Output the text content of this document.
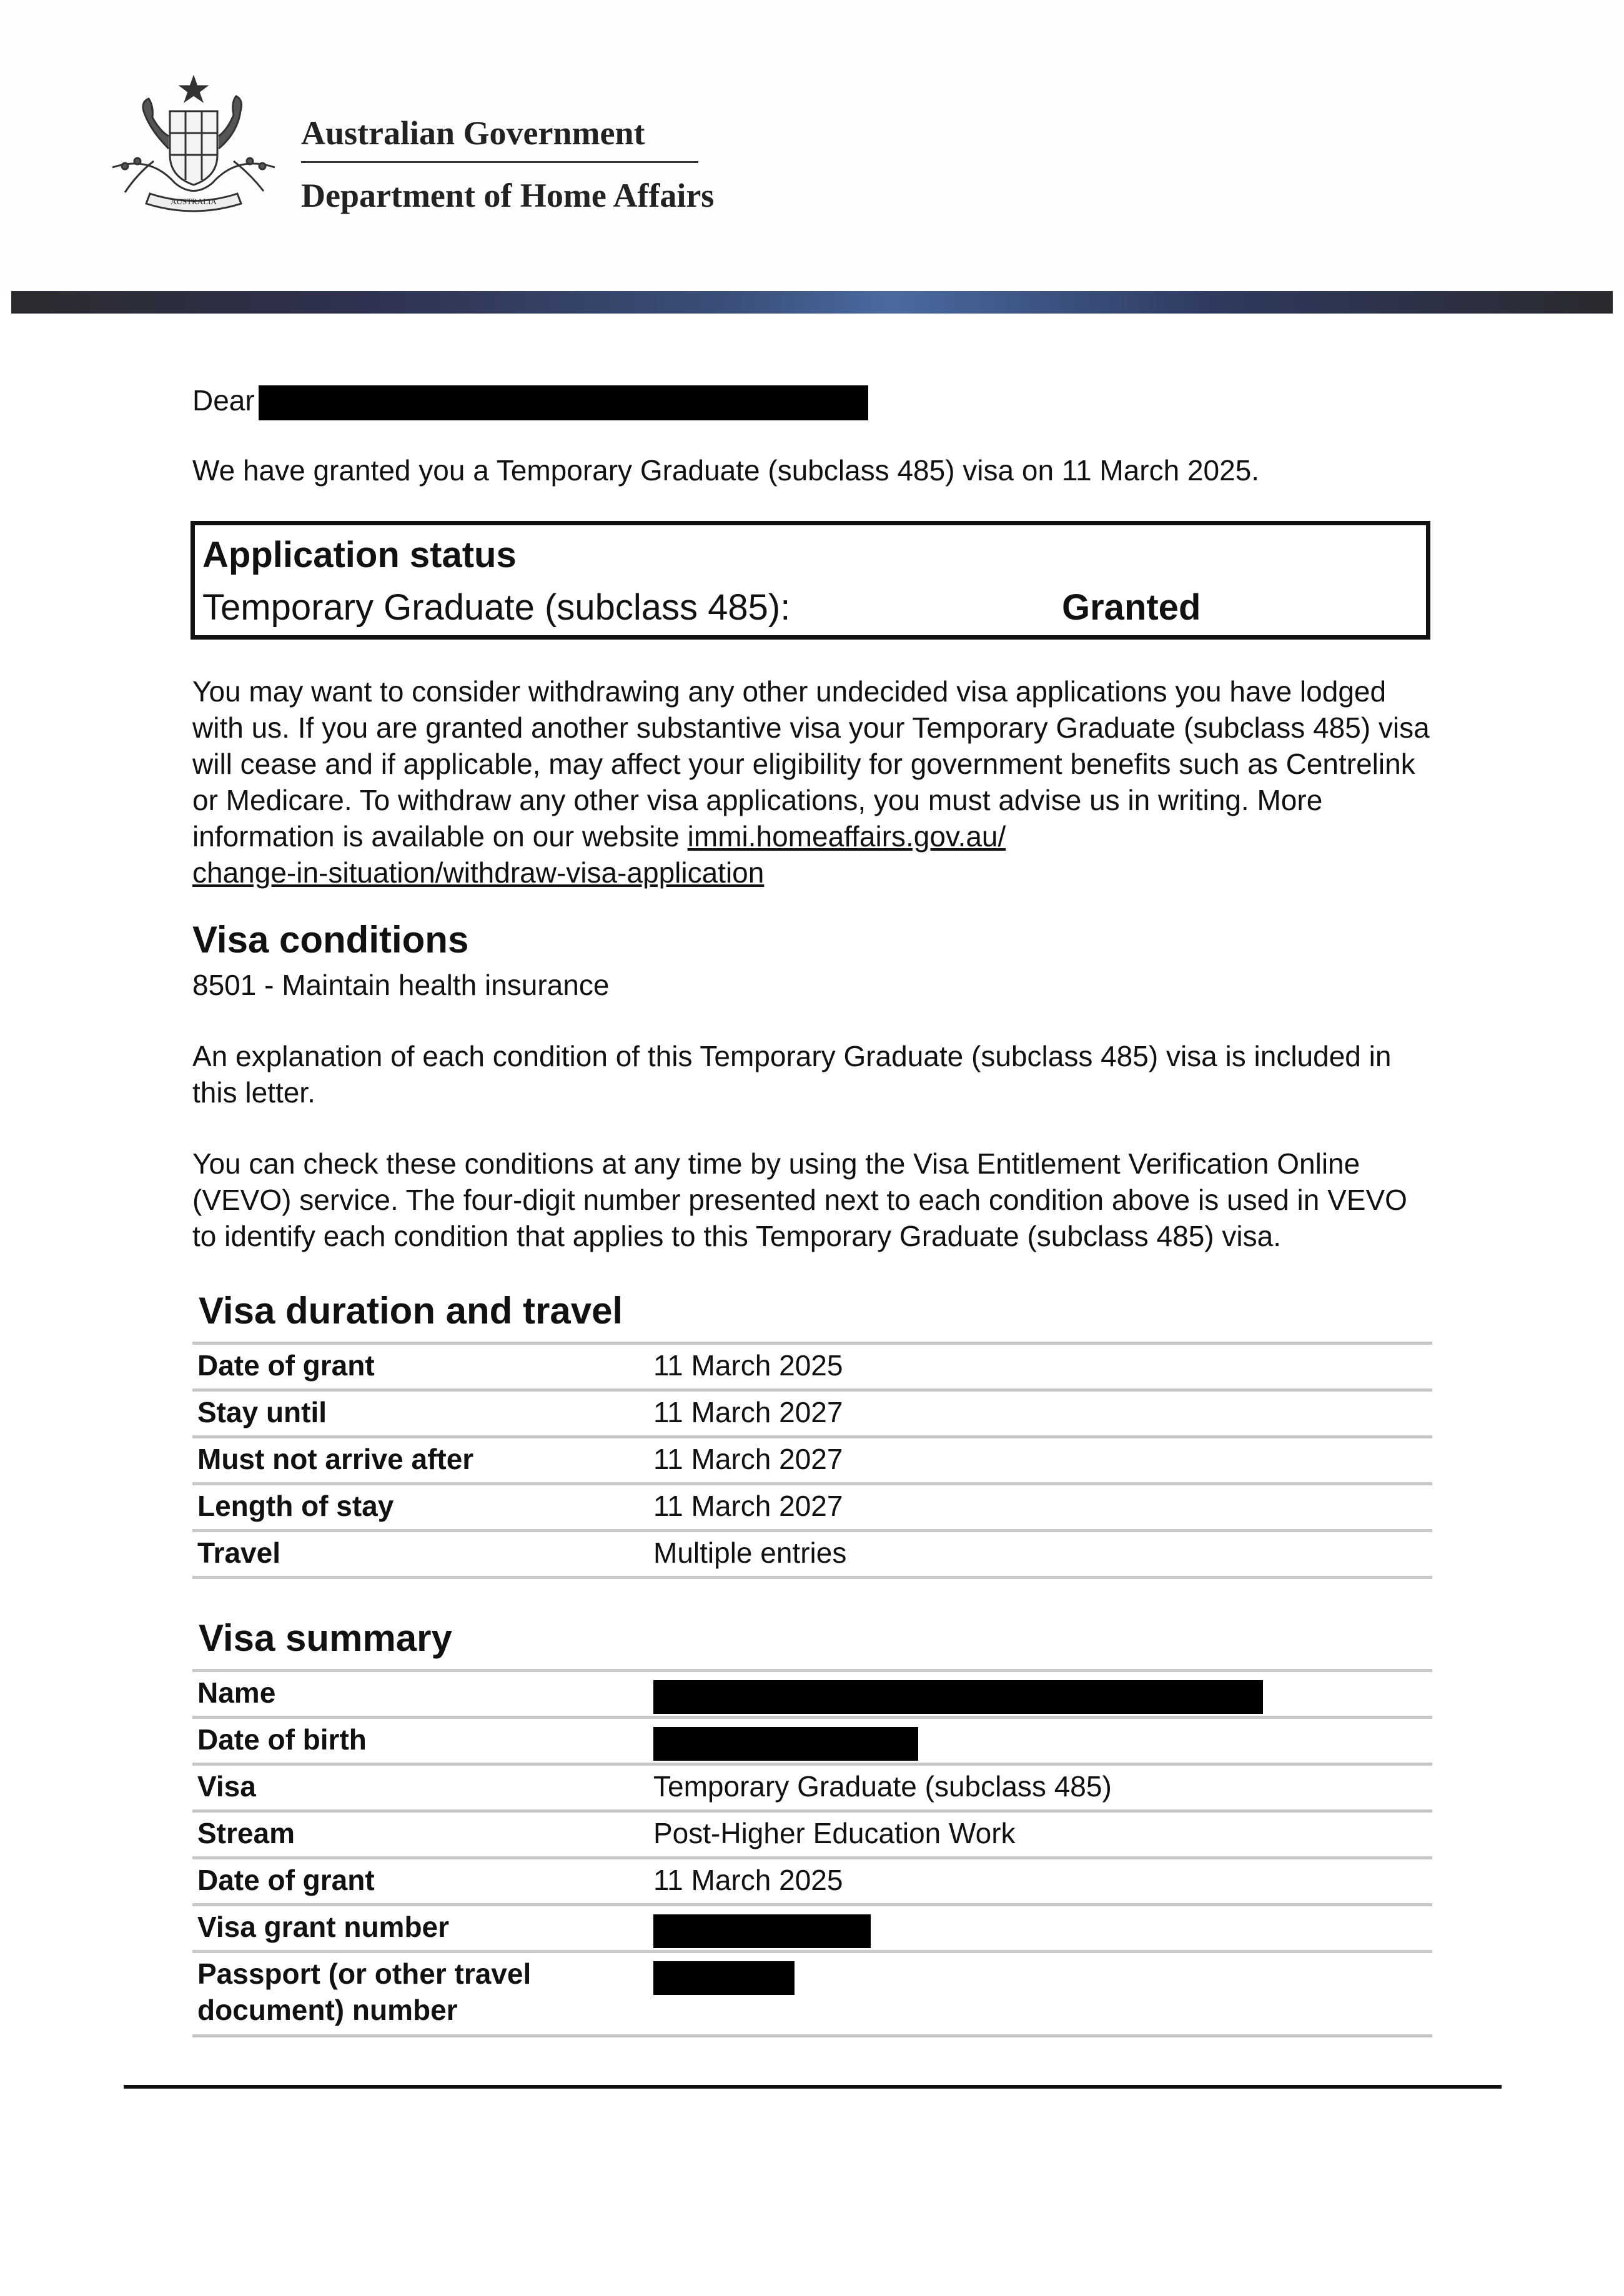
AUSTRALIA
Australian Government
Department of Home Affairs

Dear

We have granted you a Temporary Graduate (subclass 485) visa on 11 March 2025.

Application status
Temporary Graduate (subclass 485):	Granted

You may want to consider withdrawing any other undecided visa applications you have lodged with us. If you are granted another substantive visa your Temporary Graduate (subclass 485) visa will cease and if applicable, may affect your eligibility for government benefits such as Centrelink or Medicare. To withdraw any other visa applications, you must advise us in writing. More information is available on our website immi.homeaffairs.gov.au/
change-in-situation/withdraw-visa-application

Visa conditions

8501 - Maintain health insurance

An explanation of each condition of this Temporary Graduate (subclass 485) visa is included in this letter.

You can check these conditions at any time by using the Visa Entitlement Verification Online (VEVO) service. The four-digit number presented next to each condition above is used in VEVO to identify each condition that applies to this Temporary Graduate (subclass 485) visa.

Visa duration and travel
Date of grant	11 March 2025
Stay until	11 March 2027
Must not arrive after	11 March 2027
Length of stay	11 March 2027
Travel	Multiple entries
Visa summary
Name	
Date of birth	
Visa	Temporary Graduate (subclass 485)
Stream	Post-Higher Education Work
Date of grant	11 March 2025
Visa grant number	
Passport (or other travel document) number	
